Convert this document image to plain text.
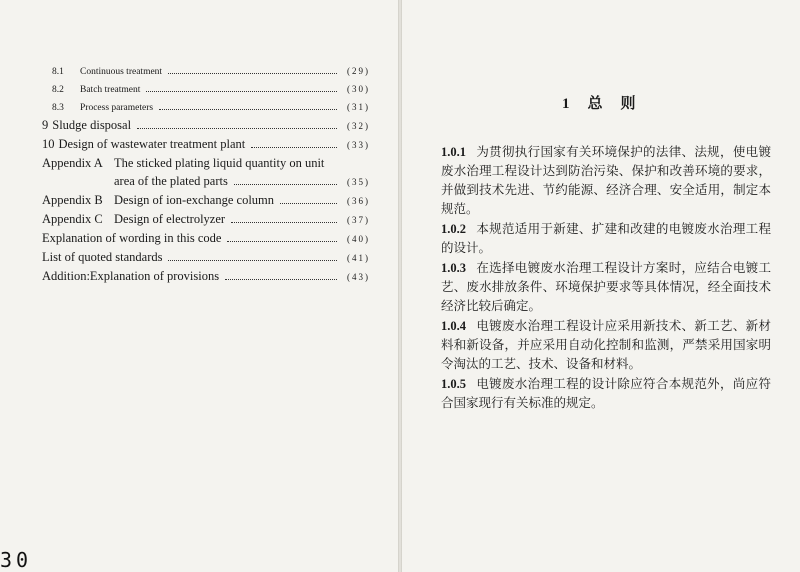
8.1	Continuous treatment	(29)
8.2	Batch treatment	(30)
8.3	Process parameters	(31)
9 Sludge disposal	(32)
10 Design of wastewater treatment plant	(33)
Appendix A The sticked plating liquid quantity on unit
area of the plated parts	(35)
Appendix B Design of ion-exchange column	(36)
Appendix C Design of electrolyzer	(37)
Explanation of wording in this code	(40)
List of quoted standards	(41)
Addition:Explanation of provisions	(43)
30
1 总 则
1.0.1 为贯彻执行国家有关环境保护的法律、法规，使电镀废水治理工程设计达到防治污染、保护和改善环境的要求，并做到技术先进、节约能源、经济合理、安全适用，制定本规范。
1.0.2 本规范适用于新建、扩建和改建的电镀废水治理工程的设计。
1.0.3 在选择电镀废水治理工程设计方案时，应结合电镀工艺、废水排放条件、环境保护要求等具体情况，经全面技术经济比较后确定。
1.0.4 电镀废水治理工程设计应采用新技术、新工艺、新材料和新设备，并应采用自动化控制和监测，严禁采用国家明令淘汰的工艺、技术、设备和材料。
1.0.5 电镀废水治理工程的设计除应符合本规范外，尚应符合国家现行有关标准的规定。
